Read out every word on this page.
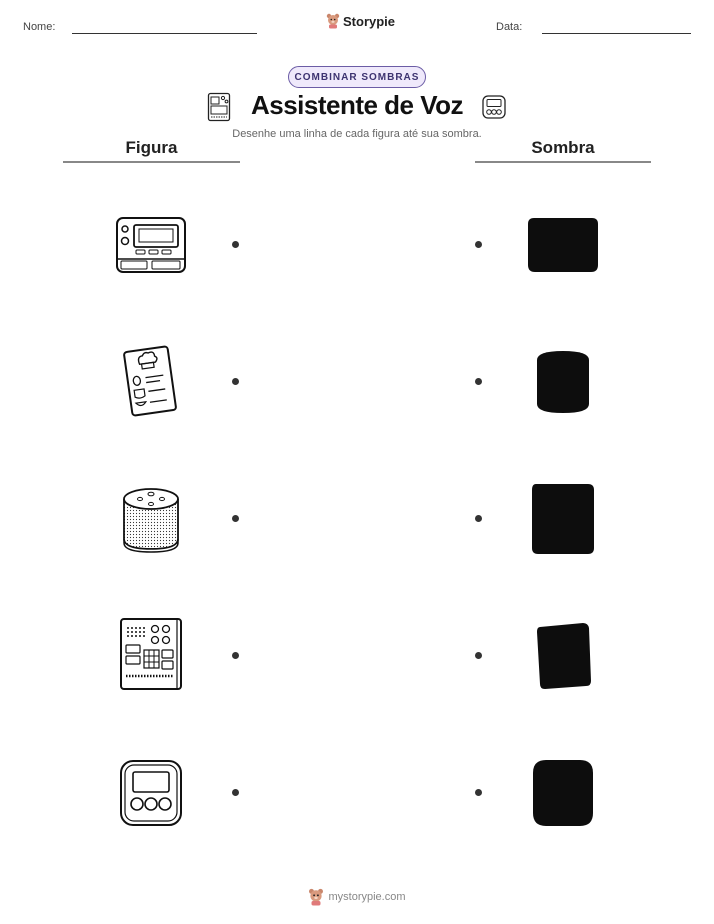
Nome:	Storypie	Data:
COMBINAR SOMBRAS
Assistente de Voz
Desenhe uma linha de cada figura até sua sombra.
Figura	Sombra
mystorypie.com
